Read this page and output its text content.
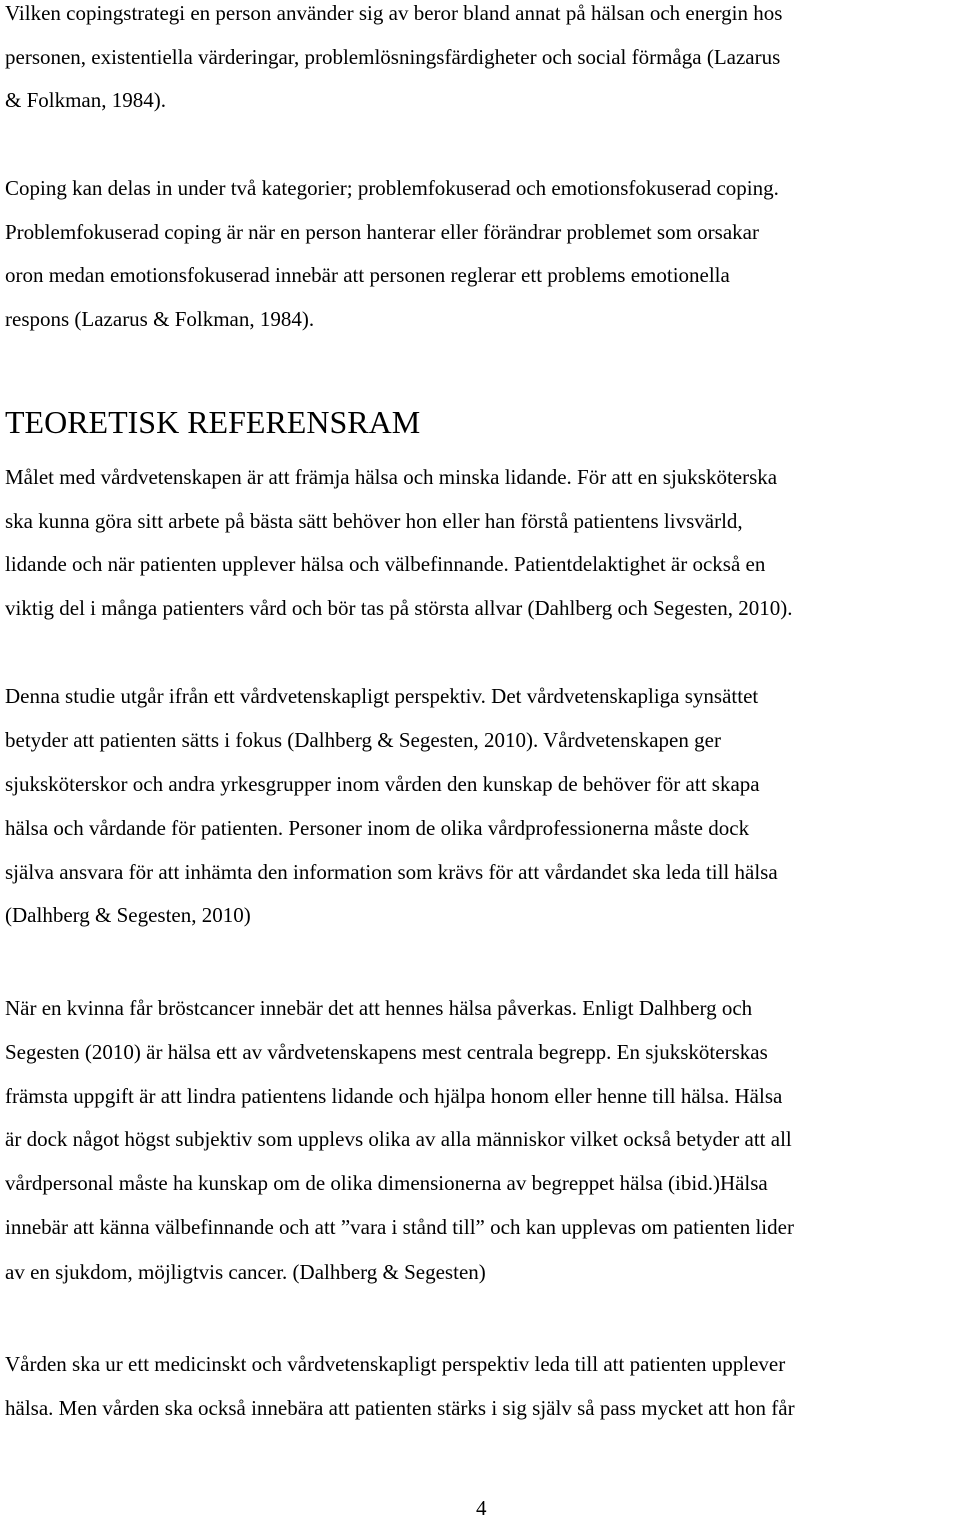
Vilken copingstrategi en person använder sig av beror bland annat på hälsan och energin hos

personen, existentiella värderingar, problemlösningsfärdigheter och social förmåga (Lazarus

& Folkman, 1984).

Coping kan delas in under två kategorier; problemfokuserad och emotionsfokuserad coping.

Problemfokuserad coping är när en person hanterar eller förändrar problemet som orsakar

oron medan emotionsfokuserad innebär att personen reglerar ett problems emotionella

respons (Lazarus & Folkman, 1984).

TEORETISK REFERENSRAM

Målet med vårdvetenskapen är att främja hälsa och minska lidande. För att en sjuksköterska

ska kunna göra sitt arbete på bästa sätt behöver hon eller han förstå patientens livsvärld,

lidande och när patienten upplever hälsa och välbefinnande. Patientdelaktighet är också en

viktig del i många patienters vård och bör tas på största allvar (Dahlberg och Segesten, 2010).

Denna studie utgår ifrån ett vårdvetenskapligt perspektiv. Det vårdvetenskapliga synsättet

betyder att patienten sätts i fokus (Dalhberg & Segesten, 2010). Vårdvetenskapen ger

sjuksköterskor och andra yrkesgrupper inom vården den kunskap de behöver för att skapa

hälsa och vårdande för patienten. Personer inom de olika vårdprofessionerna måste dock

själva ansvara för att inhämta den information som krävs för att vårdandet ska leda till hälsa

(Dalhberg & Segesten, 2010)

När en kvinna får bröstcancer innebär det att hennes hälsa påverkas. Enligt Dalhberg och

Segesten (2010) är hälsa ett av vårdvetenskapens mest centrala begrepp. En sjuksköterskas

främsta uppgift är att lindra patientens lidande och hjälpa honom eller henne till hälsa. Hälsa

är dock något högst subjektiv som upplevs olika av alla människor vilket också betyder att all

vårdpersonal måste ha kunskap om de olika dimensionerna av begreppet hälsa (ibid.)Hälsa

innebär att känna välbefinnande och att ”vara i stånd till” och kan upplevas om patienten lider

av en sjukdom, möjligtvis cancer. (Dalhberg & Segesten)

Vården ska ur ett medicinskt och vårdvetenskapligt perspektiv leda till att patienten upplever

hälsa. Men vården ska också innebära att patienten stärks i sig själv så pass mycket att hon får

4
